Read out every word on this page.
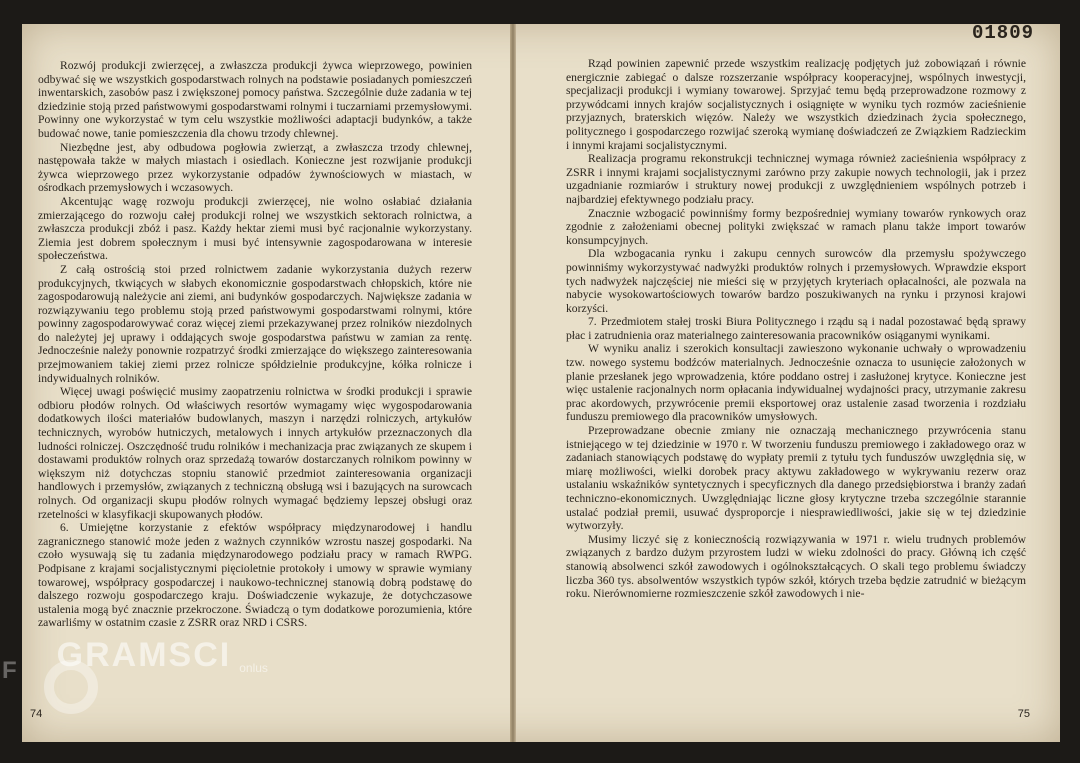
Rozwój produkcji zwierzęcej, a zwłaszcza produkcji żywca wieprzowego, powinien odbywać się we wszystkich gospodarstwach rolnych na podstawie posiadanych pomieszczeń inwentarskich, zasobów pasz i zwiększonej pomocy państwa. Szczególnie duże zadania w tej dziedzinie stoją przed państwowymi gospodarstwami rolnymi i tuczarniami przemysłowymi. Powinny one wykorzystać w tym celu wszystkie możliwości adaptacji budynków, a także budować nowe, tanie pomieszczenia dla chowu trzody chlewnej.

Niezbędne jest, aby odbudowa pogłowia zwierząt, a zwłaszcza trzody chlewnej, następowała także w małych miastach i osiedlach. Konieczne jest rozwijanie produkcji żywca wieprzowego przez wykorzystanie odpadów żywnościowych w miastach, w ośrodkach przemysłowych i wczasowych.

Akcentując wagę rozwoju produkcji zwierzęcej, nie wolno osłabiać działania zmierzającego do rozwoju całej produkcji rolnej we wszystkich sektorach rolnictwa, a zwłaszcza produkcji zbóż i pasz. Każdy hektar ziemi musi być racjonalnie wykorzystany. Ziemia jest dobrem społecznym i musi być intensywnie zagospodarowana w interesie społeczeństwa.

Z całą ostrością stoi przed rolnictwem zadanie wykorzystania dużych rezerw produkcyjnych, tkwiących w słabych ekonomicznie gospodarstwach chłopskich, które nie zagospodarowują należycie ani ziemi, ani budynków gospodarczych. Największe zadania w rozwiązywaniu tego problemu stoją przed państwowymi gospodarstwami rolnymi, które powinny zagospodarowywać coraz więcej ziemi przekazywanej przez rolników niezdolnych do należytej jej uprawy i oddających swoje gospodarstwa państwu w zamian za rentę. Jednocześnie należy ponownie rozpatrzyć środki zmierzające do większego zainteresowania przejmowaniem takiej ziemi przez rolnicze spółdzielnie produkcyjne, kółka rolnicze i indywidualnych rolników.

Więcej uwagi poświęcić musimy zaopatrzeniu rolnictwa w środki produkcji i sprawie odbioru płodów rolnych. Od właściwych resortów wymagamy więc wygospodarowania dodatkowych ilości materiałów budowlanych, maszyn i narzędzi rolniczych, artykułów technicznych, wyrobów hutniczych, metalowych i innych artykułów przeznaczonych dla ludności rolniczej. Oszczędność trudu rolników i mechanizacja prac związanych ze skupem i dostawami produktów rolnych oraz sprzedażą towarów dostarczanych rolnikom powinny w większym niż dotychczas stopniu stanowić przedmiot zainteresowania organizacji handlowych i przemysłów, związanych z techniczną obsługą wsi i bazujących na surowcach rolnych. Od organizacji skupu płodów rolnych wymagać będziemy lepszej obsługi oraz rzetelności w klasyfikacji skupowanych płodów.

6. Umiejętne korzystanie z efektów współpracy międzynarodowej i handlu zagranicznego stanowić może jeden z ważnych czynników wzrostu naszej gospodarki. Na czoło wysuwają się tu zadania międzynarodowego podziału pracy w ramach RWPG. Podpisane z krajami socjalistycznymi pięcioletnie protokoły i umowy w sprawie wymiany towarowej, współpracy gospodarczej i naukowo-technicznej stanowią dobrą podstawę do dalszego rozwoju gospodarczego kraju. Doświadczenie wykazuje, że dotychczasowe ustalenia mogą być znacznie przekroczone. Świadczą o tym dodatkowe porozumienia, które zawarliśmy w ostatnim czasie z ZSRR oraz NRD i CSRS.

74
01809

Rząd powinien zapewnić przede wszystkim realizację podjętych już zobowiązań i równie energicznie zabiegać o dalsze rozszerzanie współpracy kooperacyjnej, wspólnych inwestycji, specjalizacji produkcji i wymiany towarowej. Sprzyjać temu będą przeprowadzone rozmowy z przywódcami innych krajów socjalistycznych i osiągnięte w wyniku tych rozmów zacieśnienie przyjaznych, braterskich więzów. Należy we wszystkich dziedzinach życia społecznego, politycznego i gospodarczego rozwijać szeroką wymianę doświadczeń ze Związkiem Radzieckim i innymi krajami socjalistycznymi.

Realizacja programu rekonstrukcji technicznej wymaga również zacieśnienia współpracy z ZSRR i innymi krajami socjalistycznymi zarówno przy zakupie nowych technologii, jak i przez uzgadnianie rozmiarów i struktury nowej produkcji z uwzględnieniem wspólnych potrzeb i najbardziej efektywnego podziału pracy.

Znacznie wzbogacić powinniśmy formy bezpośredniej wymiany towarów rynkowych oraz zgodnie z założeniami obecnej polityki zwiększać w ramach planu także import towarów konsumpcyjnych.

Dla wzbogacania rynku i zakupu cennych surowców dla przemysłu spożywczego powinniśmy wykorzystywać nadwyżki produktów rolnych i przemysłowych. Wprawdzie eksport tych nadwyżek najczęściej nie mieści się w przyjętych kryteriach opłacalności, ale pozwala na nabycie wysokowartościowych towarów bardzo poszukiwanych na rynku i przynosi krajowi korzyści.

7. Przedmiotem stałej troski Biura Politycznego i rządu są i nadal pozostawać będą sprawy płac i zatrudnienia oraz materialnego zainteresowania pracowników osiąganymi wynikami.

W wyniku analiz i szerokich konsultacji zawieszono wykonanie uchwały o wprowadzeniu tzw. nowego systemu bodźców materialnych. Jednocześnie oznacza to usunięcie założonych w planie przesłanek jego wprowadzenia, które poddano ostrej i zasłużonej krytyce. Konieczne jest więc ustalenie racjonalnych norm opłacania indywidualnej wydajności pracy, utrzymanie zakresu prac akordowych, przywrócenie premii eksportowej oraz ustalenie zasad tworzenia i rozdziału funduszu premiowego dla pracowników umysłowych.

Przeprowadzane obecnie zmiany nie oznaczają mechanicznego przywrócenia stanu istniejącego w tej dziedzinie w 1970 r. W tworzeniu funduszu premiowego i zakładowego oraz w zadaniach stanowiących podstawę do wypłaty premii z tytułu tych funduszów uwzględnia się, w miarę możliwości, wielki dorobek pracy aktywu zakładowego w wykrywaniu rezerw oraz ustalaniu wskaźników syntetycznych i specyficznych dla danego przedsiębiorstwa i branży zadań techniczno-ekonomicznych. Uwzględniając liczne głosy krytyczne trzeba szczególnie starannie ustalać podział premii, usuwać dysproporcje i niesprawiedliwości, jakie się w tej dziedzinie wytworzyły.

Musimy liczyć się z koniecznością rozwiązywania w 1971 r. wielu trudnych problemów związanych z bardzo dużym przyrostem ludzi w wieku zdolności do pracy. Główną ich część stanowią absolwenci szkół zawodowych i ogólnokształcących. O skali tego problemu świadczy liczba 360 tys. absolwentów wszystkich typów szkół, których trzeba będzie zatrudnić w bieżącym roku. Nierównomierne rozmieszczenie szkół zawodowych i nie-

75
F GRAMSCI onlus
